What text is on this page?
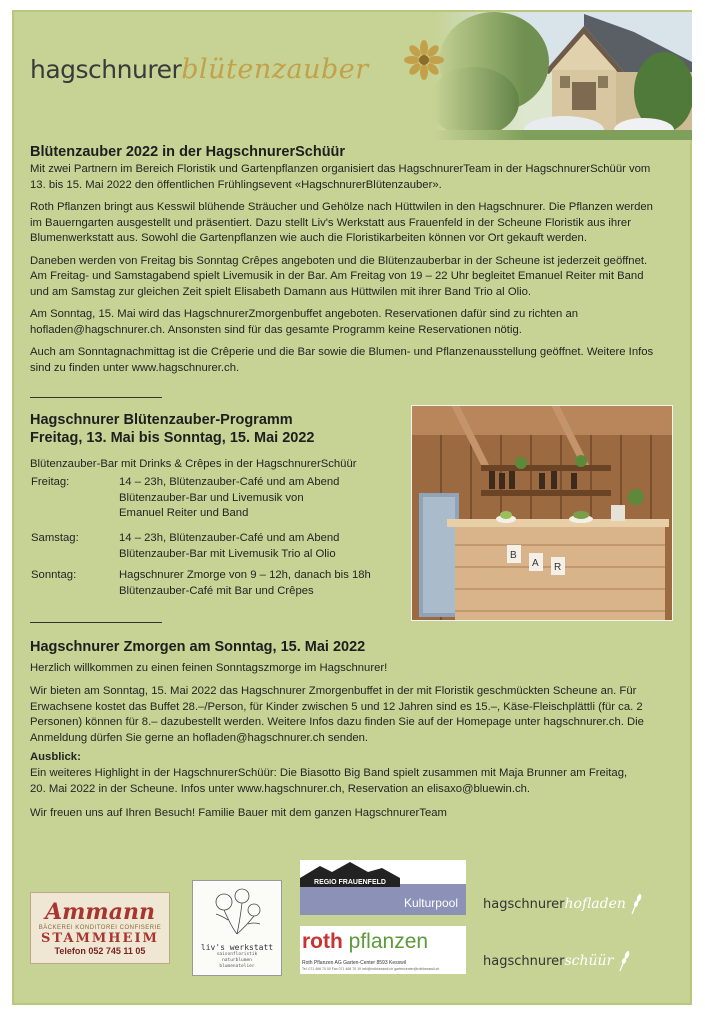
hagschnurerblütenzauber
Blütenzauber 2022 in der HagschnurerSchüür

Mit zwei Partnern im Bereich Floristik und Gartenpflanzen organisiert das HagschnurerTeam in der HagschnurerSchüür vom
13. bis 15. Mai 2022 den öffentlichen Frühlingsevent «HagschnurerBlütenzauber».

Roth Pflanzen bringt aus Kesswil blühende Sträucher und Gehölze nach Hüttwilen in den Hagschnurer. Die Pflanzen werden
im Bauerngarten ausgestellt und präsentiert. Dazu stellt Liv's Werkstatt aus Frauenfeld in der Scheune Floristik aus ihrer
Blumenwerkstatt aus. Sowohl die Gartenpflanzen wie auch die Floristikarbeiten können vor Ort gekauft werden.

Daneben werden von Freitag bis Sonntag Crêpes angeboten und die Blütenzauberbar in der Scheune ist jederzeit geöffnet.
Am Freitag- und Samstagabend spielt Livemusik in der Bar. Am Freitag von 19 – 22 Uhr begleitet Emanuel Reiter mit Band
und am Samstag zur gleichen Zeit spielt Elisabeth Damann aus Hüttwilen mit ihrer Band Trio al Olio.

Am Sonntag, 15. Mai wird das HagschnurerZmorgenbuffet angeboten. Reservationen dafür sind zu richten an
hofladen@hagschnurer.ch. Ansonsten sind für das gesamte Programm keine Reservationen nötig.

Auch am Sonntagnachmittag ist die Crêperie und die Bar sowie die Blumen- und Pflanzenausstellung geöffnet. Weitere Infos
sind zu finden unter www.hagschnurer.ch.

Hagschnurer Blütenzauber-Programm
Freitag, 13. Mai bis Sonntag, 15. Mai 2022

Blütenzauber-Bar mit Drinks & Crêpes in der HagschnurerSchüür

Freitag:	14 – 23h, Blütenzauber-Café und am Abend
Blütenzauber-Bar und Livemusik von
Emanuel Reiter und Band
Samstag:	14 – 23h, Blütenzauber-Café und am Abend
Blütenzauber-Bar mit Livemusik Trio al Olio
Sonntag:	Hagschnurer Zmorge von 9 – 12h, danach bis 18h
Blütenzauber-Café mit Bar und Crêpes
B
A R
Hagschnurer Zmorgen am Sonntag, 15. Mai 2022

Herzlich willkommen zu einen feinen Sonntagszmorge im Hagschnurer!

Wir bieten am Sonntag, 15. Mai 2022 das Hagschnurer Zmorgenbuffet in der mit Floristik geschmückten Scheune an. Für
Erwachsene kostet das Buffet 28.–/Person, für Kinder zwischen 5 und 12 Jahren sind es 15.–, Käse-Fleischplättli (für ca. 2
Personen) können für 8.– dazubestellt werden. Weitere Infos dazu finden Sie auf der Homepage unter hagschnurer.ch. Die
Anmeldung dürfen Sie gerne an hofladen@hagschnurer.ch senden.

Ausblick:

Ein weiteres Highlight in der HagschnurerSchüür: Die Biasotto Big Band spielt zusammen mit Maja Brunner am Freitag,
20. Mai 2022 in der Scheune. Infos unter www.hagschnurer.ch, Reservation an elisaxo@bluewin.ch.

Wir freuen uns auf Ihren Besuch! Familie Bauer mit dem ganzen HagschnurerTeam

Ammann
BÄCKEREI KONDITOREI CONFISERIE
STAMMHEIM
Telefon 052 745 11 05	liv's werkstatt
saisonfloristik
naturblumen
blumenatelier
REGIO FRAUENFELD
Kulturpool
roth pflanzen
Roth Pflanzen AG Garten-Center 8593 Kesswil
Tel. 071 466 70 00 Fax 071 466 70 19 info@rothkesswil.ch gartencenter@rothkesswil.ch
hagschnurerhofladen
hagschnurerschüür
